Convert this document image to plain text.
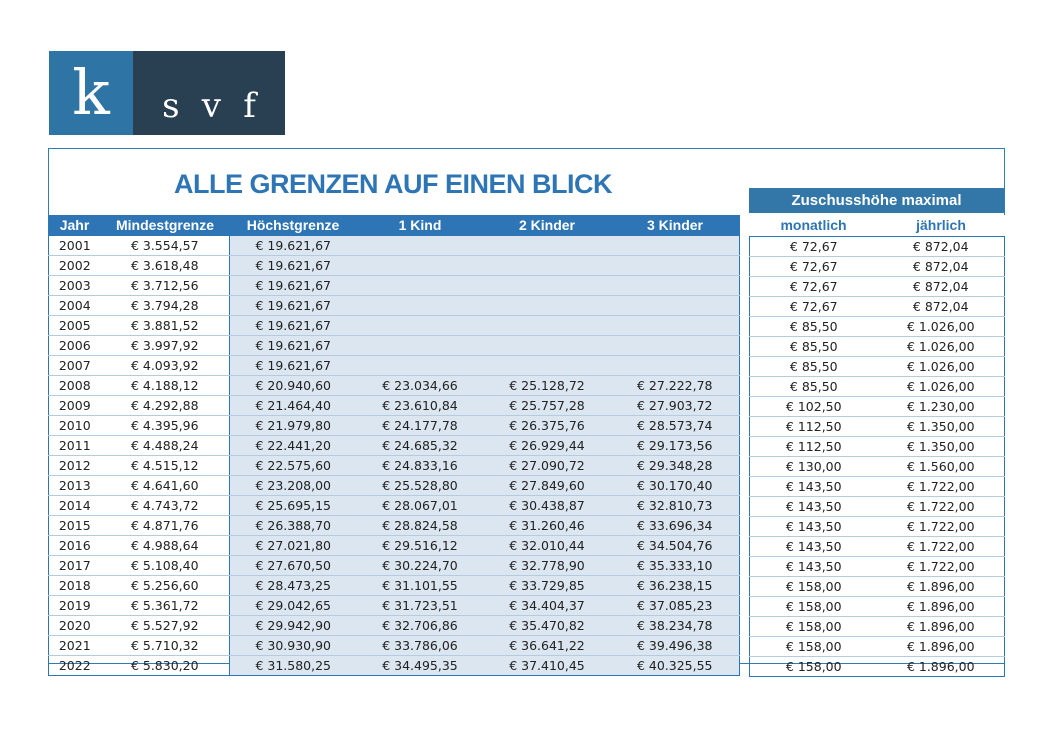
k s v f
ALLE GRENZEN AUF EINEN BLICK
Zuschusshöhe maximal
Jahr	Mindestgrenze	Höchstgrenze	1 Kind	2 Kinder	3 Kinder
2001	€ 3.554,57	€ 19.621,67			
2002	€ 3.618,48	€ 19.621,67			
2003	€ 3.712,56	€ 19.621,67			
2004	€ 3.794,28	€ 19.621,67			
2005	€ 3.881,52	€ 19.621,67			
2006	€ 3.997,92	€ 19.621,67			
2007	€ 4.093,92	€ 19.621,67			
2008	€ 4.188,12	€ 20.940,60	€ 23.034,66	€ 25.128,72	€ 27.222,78
2009	€ 4.292,88	€ 21.464,40	€ 23.610,84	€ 25.757,28	€ 27.903,72
2010	€ 4.395,96	€ 21.979,80	€ 24.177,78	€ 26.375,76	€ 28.573,74
2011	€ 4.488,24	€ 22.441,20	€ 24.685,32	€ 26.929,44	€ 29.173,56
2012	€ 4.515,12	€ 22.575,60	€ 24.833,16	€ 27.090,72	€ 29.348,28
2013	€ 4.641,60	€ 23.208,00	€ 25.528,80	€ 27.849,60	€ 30.170,40
2014	€ 4.743,72	€ 25.695,15	€ 28.067,01	€ 30.438,87	€ 32.810,73
2015	€ 4.871,76	€ 26.388,70	€ 28.824,58	€ 31.260,46	€ 33.696,34
2016	€ 4.988,64	€ 27.021,80	€ 29.516,12	€ 32.010,44	€ 34.504,76
2017	€ 5.108,40	€ 27.670,50	€ 30.224,70	€ 32.778,90	€ 35.333,10
2018	€ 5.256,60	€ 28.473,25	€ 31.101,55	€ 33.729,85	€ 36.238,15
2019	€ 5.361,72	€ 29.042,65	€ 31.723,51	€ 34.404,37	€ 37.085,23
2020	€ 5.527,92	€ 29.942,90	€ 32.706,86	€ 35.470,82	€ 38.234,78
2021	€ 5.710,32	€ 30.930,90	€ 33.786,06	€ 36.641,22	€ 39.496,38
2022	€ 5.830,20	€ 31.580,25	€ 34.495,35	€ 37.410,45	€ 40.325,55
monatlich	jährlich
€ 72,67	€ 872,04
€ 72,67	€ 872,04
€ 72,67	€ 872,04
€ 72,67	€ 872,04
€ 85,50	€ 1.026,00
€ 85,50	€ 1.026,00
€ 85,50	€ 1.026,00
€ 85,50	€ 1.026,00
€ 102,50	€ 1.230,00
€ 112,50	€ 1.350,00
€ 112,50	€ 1.350,00
€ 130,00	€ 1.560,00
€ 143,50	€ 1.722,00
€ 143,50	€ 1.722,00
€ 143,50	€ 1.722,00
€ 143,50	€ 1.722,00
€ 143,50	€ 1.722,00
€ 158,00	€ 1.896,00
€ 158,00	€ 1.896,00
€ 158,00	€ 1.896,00
€ 158,00	€ 1.896,00
€ 158,00	€ 1.896,00
